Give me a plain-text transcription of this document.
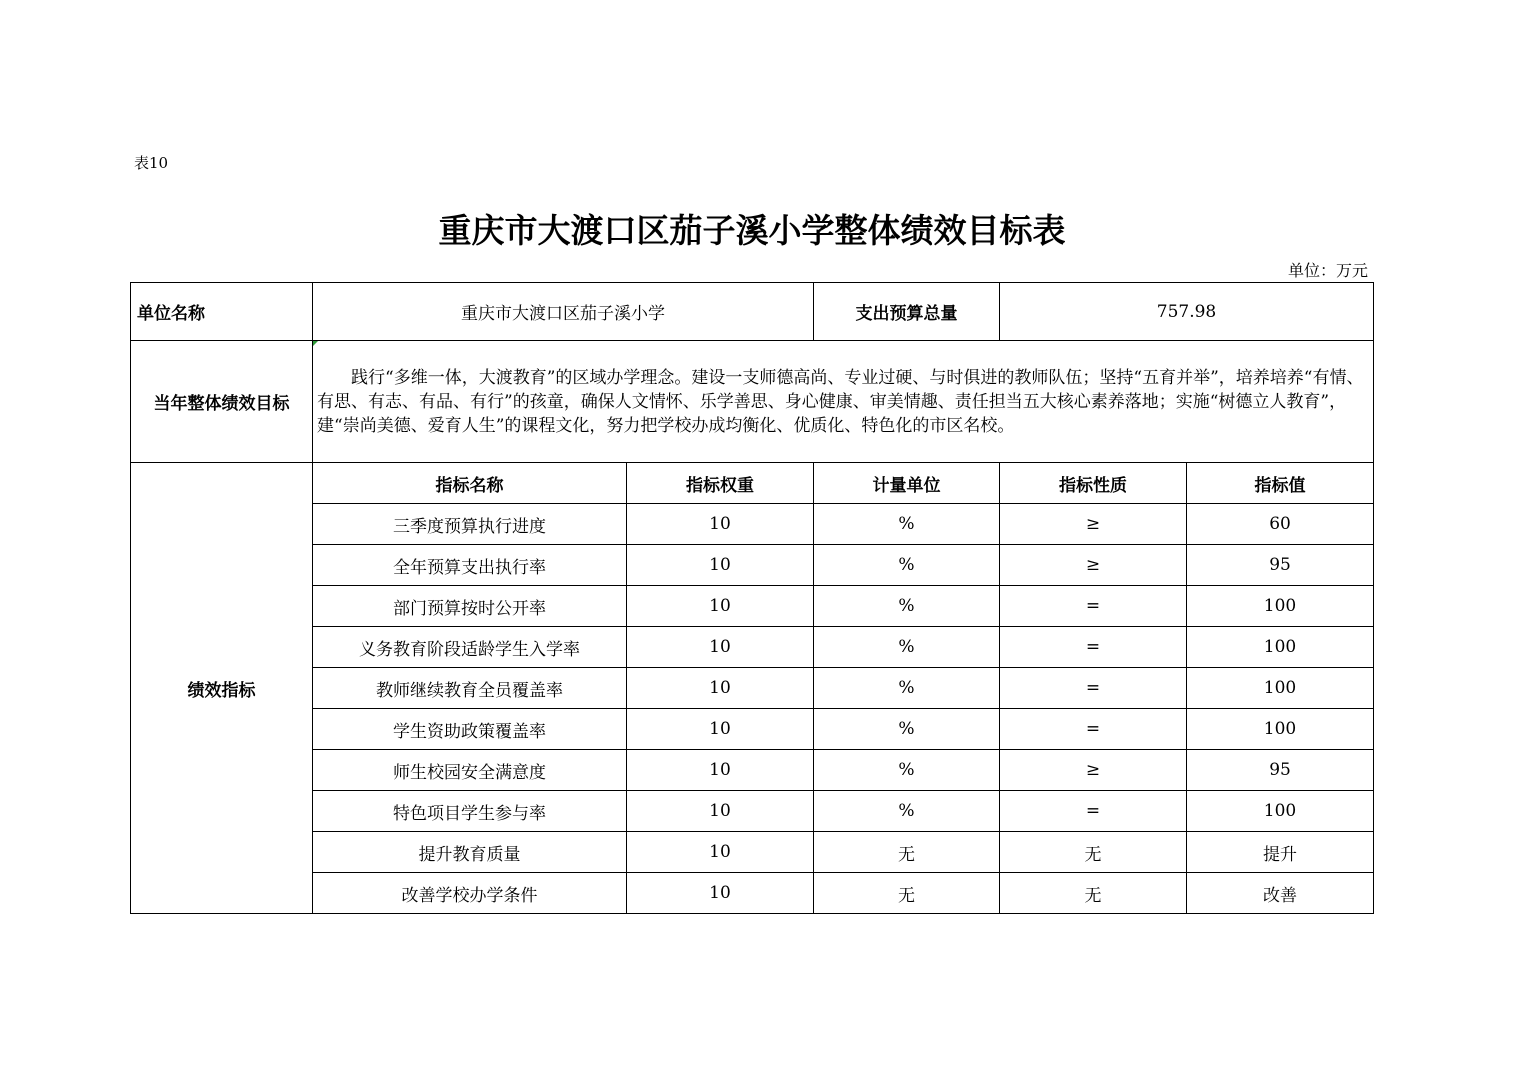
表10
重庆市大渡口区茄子溪小学整体绩效目标表
单位：万元
单位名称	重庆市大渡口区茄子溪小学		支出预算总量	757.98	
当年整体绩效目标	践行“多维一体，大渡教育”的区域办学理念。建设一支师德高尚、专业过硬、与时俱进的教师队伍；坚持“五育并举”，培养培养“有情、有思、有志、有品、有行”的孩童，确保人文情怀、乐学善思、身心健康、审美情趣、责任担当五大核心素养落地；实施“树德立人教育”，建“崇尚美德、爱育人生”的课程文化，努力把学校办成均衡化、优质化、特色化的市区名校。				
绩效指标	指标名称	指标权重	计量单位	指标性质	指标值
	三季度预算执行进度	10	%	≥	60
	全年预算支出执行率	10	%	≥	95
	部门预算按时公开率	10	%	=	100
	义务教育阶段适龄学生入学率	10	%	=	100
	教师继续教育全员覆盖率	10	%	=	100
	学生资助政策覆盖率	10	%	=	100
	师生校园安全满意度	10	%	≥	95
	特色项目学生参与率	10	%	=	100
	提升教育质量	10	无	无	提升
	改善学校办学条件	10	无	无	改善
